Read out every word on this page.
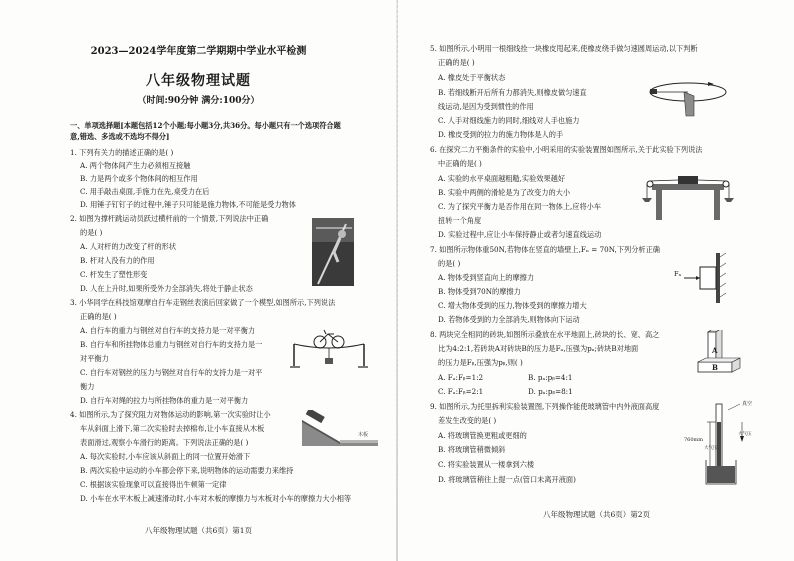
2023—2024学年度第二学期期中学业水平检测
八年级物理试题
（时间:90分钟 满分:100分）
一、单项选择题[本题包括12个小题;每小题3分,共36分。每小题只有一个选项符合题
意,错选、多选或不选均不得分]
1. 下列有关力的描述正确的是( )
A. 两个物体间产生力必须相互接触
B. 力是两个或多个物体间的相互作用
C. 用手敲击桌面,手施力在先,桌受力在后
D. 用锤子钉钉子的过程中,锤子只可能是施力物体,不可能是受力物体
2. 如图为撑杆跳运动员跃过横杆前的一个情景,下列说法中正确
的是( )
A. 人对杆的力改变了杆的形状
B. 杆对人没有力的作用
C. 杆发生了塑性形变
D. 人在上升时,如果所受外力全部消失,将处于静止状态
3. 小华同学在科技馆观摩自行车走钢丝表演后回家做了一个模型,如图所示,下列说法
正确的是( )
A. 自行车的重力与钢丝对自行车的支持力是一对平衡力
B. 自行车和所挂物体总重力与钢丝对自行车的支持力是一
对平衡力
C. 自行车对钢丝的压力与钢丝对自行车的支持力是一对平
衡力
D. 自行车对绳的拉力与所挂物体的重力是一对平衡力
4. 如图所示,为了探究阻力对物体运动的影响,第一次实验时让小
车从斜面上滑下,第二次实验时去掉棉布,让小车直接从木板
表面滑过,观察小车滑行的距离。下列说法正确的是( )
A. 每次实验时,小车应该从斜面上的同一位置开始滑下
B. 两次实验中运动的小车都会停下来,说明物体的运动需要力来维持
C. 根据该实验现象可以直接得出牛顿第一定律
D. 小车在水平木板上减速滑动时,小车对木板的摩擦力与木板对小车的摩擦力大小相等
木板
八年级物理试题（共6页）第1页
5. 如图所示,小明用一根细线拴一块橡皮甩起来,使橡皮绕手做匀速圆周运动,以下判断
正确的是( )
A. 橡皮处于平衡状态
B. 若细线断开后所有力都消失,则橡皮做匀速直
线运动,是因为受到惯性的作用
C. 人手对细线施力的同时,细线对人手也施力
D. 橡皮受到的拉力的施力物体是人的手
6. 在探究二力平衡条件的实验中,小明采用的实验装置图如图所示,关于此实验下列说法
中正确的是( )
A. 实验的水平桌面越粗糙,实验效果越好
B. 实验中两侧的滑轮是为了改变力的大小
C. 为了探究平衡力是否作用在同一物体上,应将小车
扭转一个角度
D. 实验过程中,应让小车保持静止或者匀速直线运动
7. 如图所示物体重50N,若物体在竖直的墙壁上,Fₙ = 70N,下列分析正确
的是( )
A. 物体受到竖直向上的摩擦力
B. 物体受到70N的摩擦力
C. 增大物体受到的压力,物体受到的摩擦力增大
D. 若物体受到的力全部消失,则物体向下运动
8. 两块完全相同的砖块,如图所示叠放在水平地面上,砖块的长、宽、高之
比为4:2:1,若砖块A对砖块B的压力是Fₐ,压强为pₐ;砖块B对地面
的压力是Fᵦ,压强为pᵦ,则( )
A. Fₐ:Fᵦ=1:2	B. pₐ:pᵦ=4:1
C. Fₐ:Fᵦ=2:1	D. pₐ:pᵦ=8:1
9. 如图所示,为托里拆利实验装置图,下列操作能使玻璃管中内外液面高度
差发生改变的是( )
A. 将玻璃管换更粗或更细的
B. 将玻璃管稍微倾斜
C. 将实验装置从一楼拿到六楼
D. 将玻璃管稍往上提一点(管口未离开液面)
Fₙ
A
B
真空
760mm
大气压
大气压
八年级物理试题（共6页）第2页
